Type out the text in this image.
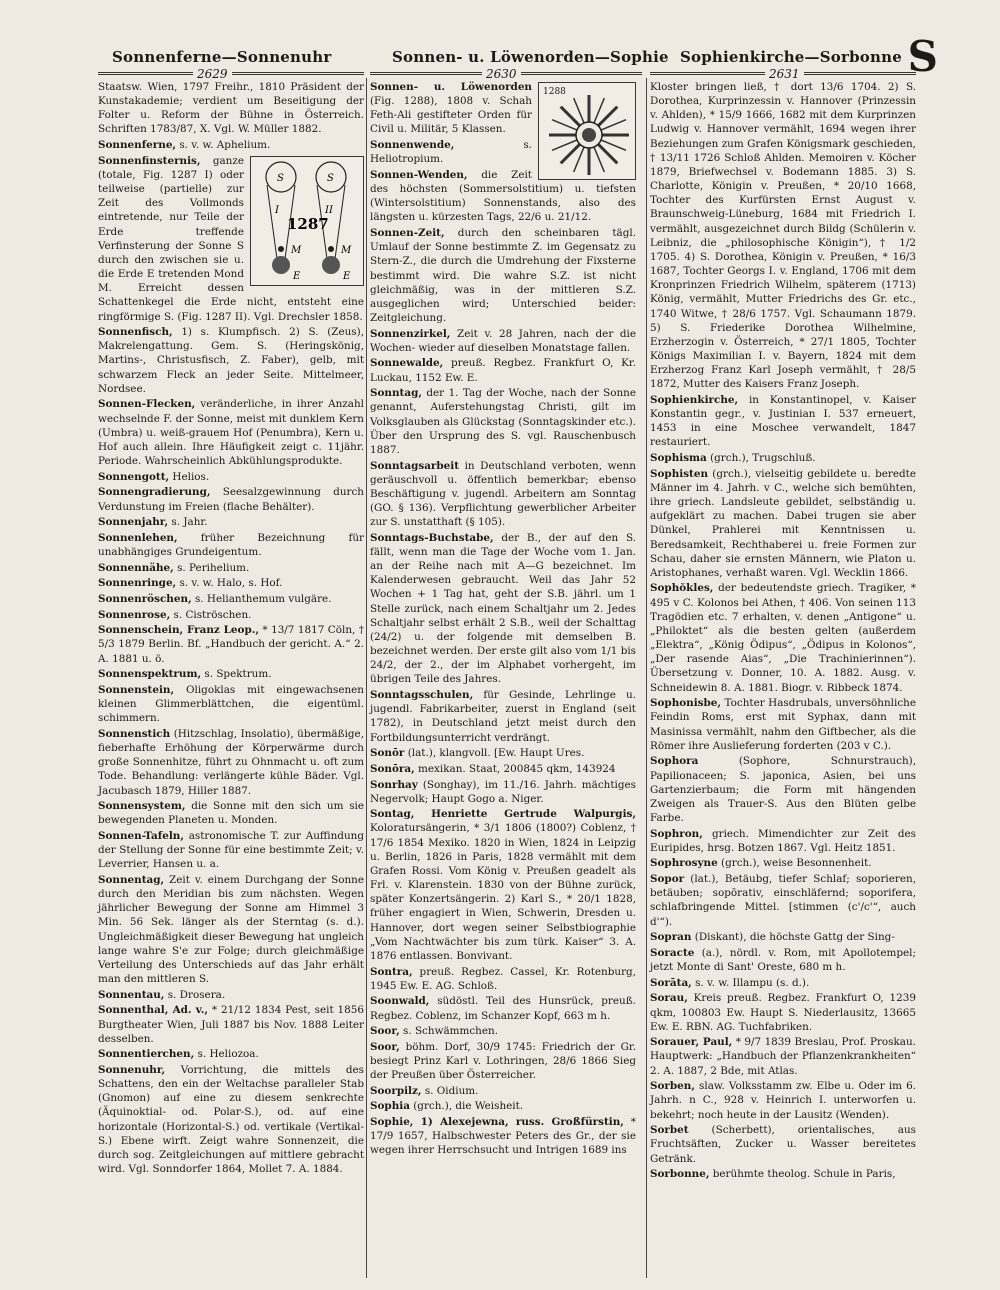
Sonnenferne—Sonnenuhr	Sonnen- u. Löwenorden—Sophie Sophienkirche—Sorbonne S
2629	2630	2631

Staatsw. Wien, 1797 Freihr., 1810 Präsident der Kunstakademie; verdient um Beseitigung der Folter u. Reform der Bühne in Österreich. Schriften 1783/87, X. Vgl. W. Müller 1882.

Sonnenferne, s. v. w. Aphelium.

S	S
I	II
M	M
E	E
1287
Sonnenfinsternis, ganze (totale, Fig. 1287 I) oder teilweise (partielle) zur Zeit des Vollmonds eintretende, nur Teile der Erde treffende Verfinsterung der Sonne S durch den zwischen sie u. die Erde E tretenden Mond M. Erreicht dessen Schattenkegel die Erde nicht, entsteht eine ringförmige S. (Fig. 1287 II). Vgl. Drechsler 1858.

Sonnenfisch, 1) s. Klumpfisch. 2) S. (Zeus), Makrelengattung. Gem. S. (Heringskönig, Martins-, Christusfisch, Z. Faber), gelb, mit schwarzem Fleck an jeder Seite. Mittelmeer, Nordsee.

Sonnen-Flecken, veränderliche, in ihrer Anzahl wechselnde F. der Sonne, meist mit dunklem Kern (Umbra) u. weiß-grauem Hof (Penumbra), Kern u. Hof auch allein. Ihre Häufigkeit zeigt c. 11jähr. Periode. Wahrscheinlich Abkühlungsprodukte.

Sonnengott, Helios.

Sonnengradierung, Seesalzgewinnung durch Verdunstung im Freien (flache Behälter).

Sonnenjahr, s. Jahr.

Sonnenlehen, früher Bezeichnung für unabhängiges Grundeigentum.

Sonnennähe, s. Perihelium.

Sonnenringe, s. v. w. Halo, s. Hof.

Sonnenröschen, s. Helianthemum vulgäre.

Sonnenrose, s. Ciströschen.

Sonnenschein, Franz Leop., * 13/7 1817 Cöln, † 5/3 1879 Berlin. Bf. „Handbuch der gericht. A.“ 2. A. 1881 u. ö.

Sonnenspektrum, s. Spektrum.

Sonnenstein, Oligoklas mit eingewachsenen kleinen Glimmerblättchen, die eigentüml. schimmern.

Sonnenstich (Hitzschlag, Insolatio), übermäßige, fieberhafte Erhöhung der Körperwärme durch große Sonnenhitze, führt zu Ohnmacht u. oft zum Tode. Behandlung: verlängerte kühle Bäder. Vgl. Jacubasch 1879, Hiller 1887.

Sonnensystem, die Sonne mit den sich um sie bewegenden Planeten u. Monden.

Sonnen-Tafeln, astronomische T. zur Auffindung der Stellung der Sonne für eine bestimmte Zeit; v. Leverrier, Hansen u. a.

Sonnentag, Zeit v. einem Durchgang der Sonne durch den Meridian bis zum nächsten. Wegen jährlicher Bewegung der Sonne am Himmel 3 Min. 56 Sek. länger als der Sterntag (s. d.). Ungleichmäßigkeit dieser Bewegung hat ungleich lange wahre S'e zur Folge; durch gleichmäßige Verteilung des Unterschieds auf das Jahr erhält man den mittleren S.

Sonnentau, s. Drosera.

Sonnenthal, Ad. v., * 21/12 1834 Pest, seit 1856 Burgtheater Wien, Juli 1887 bis Nov. 1888 Leiter desselben.

Sonnentierchen, s. Heliozoa.

Sonnenuhr, Vorrichtung, die mittels des Schattens, den ein der Weltachse paralleler Stab (Gnomon) auf eine zu diesem senkrechte (Äquinoktial- od. Polar-S.), od. auf eine horizontale (Horizontal-S.) od. vertikale (Vertikal-S.) Ebene wirft. Zeigt wahre Sonnenzeit, die durch sog. Zeitgleichungen auf mittlere gebracht wird. Vgl. Sonndorfer 1864, Mollet 7. A. 1884.

1288
Sonnen- u. Löwenorden (Fig. 1288), 1808 v. Schah Feth-Ali gestifteter Orden für Civil u. Militär, 5 Klassen.

Sonnenwende, s. Heliotropium.

Sonnen-Wenden, die Zeit des höchsten (Sommersolstitium) u. tiefsten (Wintersolstitium) Sonnenstands, also des längsten u. kürzesten Tags, 22/6 u. 21/12.

Sonnen-Zeit, durch den scheinbaren tägl. Umlauf der Sonne bestimmte Z. im Gegensatz zu Stern-Z., die durch die Umdrehung der Fixsterne bestimmt wird. Die wahre S.Z. ist nicht gleichmäßig, was in der mittleren S.Z. ausgeglichen wird; Unterschied beider: Zeitgleichung.

Sonnenzirkel, Zeit v. 28 Jahren, nach der die Wochen- wieder auf dieselben Monatstage fallen.

Sonnewalde, preuß. Regbez. Frankfurt O, Kr. Luckau, 1152 Ew. E.

Sonntag, der 1. Tag der Woche, nach der Sonne genannt, Auferstehungstag Christi, gilt im Volksglauben als Glückstag (Sonntagskinder etc.). Über den Ursprung des S. vgl. Rauschenbusch 1887.

Sonntagsarbeit in Deutschland verboten, wenn geräuschvoll u. öffentlich bemerkbar; ebenso Beschäftigung v. jugendl. Arbeitern am Sonntag (GO. § 136). Verpflichtung gewerblicher Arbeiter zur S. unstatthaft (§ 105).

Sonntags-Buchstabe, der B., der auf den S. fällt, wenn man die Tage der Woche vom 1. Jan. an der Reihe nach mit A—G bezeichnet. Im Kalenderwesen gebraucht. Weil das Jahr 52 Wochen + 1 Tag hat, geht der S.B. jährl. um 1 Stelle zurück, nach einem Schaltjahr um 2. Jedes Schaltjahr selbst erhält 2 S.B., weil der Schalttag (24/2) u. der folgende mit demselben B. bezeichnet werden. Der erste gilt also vom 1/1 bis 24/2, der 2., der im Alphabet vorhergeht, im übrigen Teile des Jahres.

Sonntagsschulen, für Gesinde, Lehrlinge u. jugendl. Fabrikarbeiter, zuerst in England (seit 1782), in Deutschland jetzt meist durch den Fortbildungsunterricht verdrängt.

Sonōr (lat.), klangvoll. [Ew. Haupt Ures.

Sonōra, mexikan. Staat, 200845 qkm, 143924

Sonrhay (Songhay), im 11./16. Jahrh. mächtiges Negervolk; Haupt Gogo a. Niger.

Sontag, Henriette Gertrude Walpurgis, Koloratursängerin, * 3/1 1806 (1800?) Coblenz, † 17/6 1854 Mexiko. 1820 in Wien, 1824 in Leipzig u. Berlin, 1826 in Paris, 1828 vermählt mit dem Grafen Rossi. Vom König v. Preußen geadelt als Frl. v. Klarenstein. 1830 von der Bühne zurück, später Konzertsängerin. 2) Karl S., * 20/1 1828, früher engagiert in Wien, Schwerin, Dresden u. Hannover, dort wegen seiner Selbstbiographie „Vom Nachtwächter bis zum türk. Kaiser“ 3. A. 1876 entlassen. Bonvivant.

Sontra, preuß. Regbez. Cassel, Kr. Rotenburg, 1945 Ew. E. AG. Schloß.

Soonwald, südöstl. Teil des Hunsrück, preuß. Regbez. Coblenz, im Schanzer Kopf, 663 m h.

Soor, s. Schwämmchen.

Soor, böhm. Dorf, 30/9 1745: Friedrich der Gr. besiegt Prinz Karl v. Lothringen, 28/6 1866 Sieg der Preußen über Österreicher.

Soorpilz, s. Oidium.

Sophia (grch.), die Weisheit.

Sophie, 1) Alexejewna, russ. Großfürstin, * 17/9 1657, Halbschwester Peters des Gr., der sie wegen ihrer Herrschsucht und Intrigen 1689 ins

Kloster bringen ließ, † dort 13/6 1704. 2) S. Dorothea, Kurprinzessin v. Hannover (Prinzessin v. Ahlden), * 15/9 1666, 1682 mit dem Kurprinzen Ludwig v. Hannover vermählt, 1694 wegen ihrer Beziehungen zum Grafen Königsmark geschieden, † 13/11 1726 Schloß Ahlden. Memoiren v. Köcher 1879, Briefwechsel v. Bodemann 1885. 3) S. Charlotte, Königin v. Preußen, * 20/10 1668, Tochter des Kurfürsten Ernst August v. Braunschweig-Lüneburg, 1684 mit Friedrich I. vermählt, ausgezeichnet durch Bildg (Schülerin v. Leibniz, die „philosophische Königin“), † 1/2 1705. 4) S. Dorothea, Königin v. Preußen, * 16/3 1687, Tochter Georgs I. v. England, 1706 mit dem Kronprinzen Friedrich Wilhelm, späterem (1713) König, vermählt, Mutter Friedrichs des Gr. etc., 1740 Witwe, † 28/6 1757. Vgl. Schaumann 1879. 5) S. Friederike Dorothea Wilhelmine, Erzherzogin v. Österreich, * 27/1 1805, Tochter Königs Maximilian I. v. Bayern, 1824 mit dem Erzherzog Franz Karl Joseph vermählt, † 28/5 1872, Mutter des Kaisers Franz Joseph.

Sophienkirche, in Konstantinopel, v. Kaiser Konstantin gegr., v. Justinian I. 537 erneuert, 1453 in eine Moschee verwandelt, 1847 restauriert.

Sophisma (grch.), Trugschluß.

Sophisten (grch.), vielseitig gebildete u. beredte Männer im 4. Jahrh. v C., welche sich bemühten, ihre griech. Landsleute gebildet, selbständig u. aufgeklärt zu machen. Dabei trugen sie aber Dünkel, Prahlerei mit Kenntnissen u. Beredsamkeit, Rechthaberei u. freie Formen zur Schau, daher sie ernsten Männern, wie Platon u. Aristophanes, verhaßt waren. Vgl. Wecklin 1866.

Sophŏkles, der bedeutendste griech. Tragiker, * 495 v C. Kolonos bei Athen, † 406. Von seinen 113 Tragödien etc. 7 erhalten, v. denen „Antigone“ u. „Philoktet“ als die besten gelten (außerdem „Elektra“, „König Ödipus“, „Ödipus in Kolonos“, „Der rasende Aias“, „Die Trachinierinnen“). Übersetzung v. Donner, 10. A. 1882. Ausg. v. Schneidewin 8. A. 1881. Biogr. v. Ribbeck 1874.

Sophonisbe, Tochter Hasdrubals, unversöhnliche Feindin Roms, erst mit Syphax, dann mit Masinissa vermählt, nahm den Giftbecher, als die Römer ihre Auslieferung forderten (203 v C.).

Sophora (Sophore, Schnurstrauch), Papilionaceen; S. japonica, Asien, bei uns Gartenzierbaum; die Form mit hängenden Zweigen als Trauer-S. Aus den Blüten gelbe Farbe.

Sophron, griech. Mimendichter zur Zeit des Euripides, hrsg. Botzen 1867. Vgl. Heitz 1851.

Sophrosyne (grch.), weise Besonnenheit.

Sopor (lat.), Betäubg, tiefer Schlaf; soporieren, betäuben; sopōrativ, einschläfernd; soporifera, schlafbringende Mittel. [stimmen (c'/c'“, auch d'“).

Sopran (Diskant), die höchste Gattg der Sing-

Soracte (a.), nördl. v. Rom, mit Apollotempel; jetzt Monte di Sant' Oreste, 680 m h.

Sorāta, s. v. w. Illampu (s. d.).

Sorau, Kreis preuß. Regbez. Frankfurt O, 1239 qkm, 100803 Ew. Haupt S. Niederlausitz, 13665 Ew. E. RBN. AG. Tuchfabriken.

Sorauer, Paul, * 9/7 1839 Breslau, Prof. Proskau. Hauptwerk: „Handbuch der Pflanzenkrankheiten“ 2. A. 1887, 2 Bde, mit Atlas.

Sorben, slaw. Volksstamm zw. Elbe u. Oder im 6. Jahrh. n C., 928 v. Heinrich I. unterworfen u. bekehrt; noch heute in der Lausitz (Wenden).

Sorbet (Scherbett), orientalisches, aus Fruchtsäften, Zucker u. Wasser bereitetes Getränk.

Sorbonne, berühmte theolog. Schule in Paris,
